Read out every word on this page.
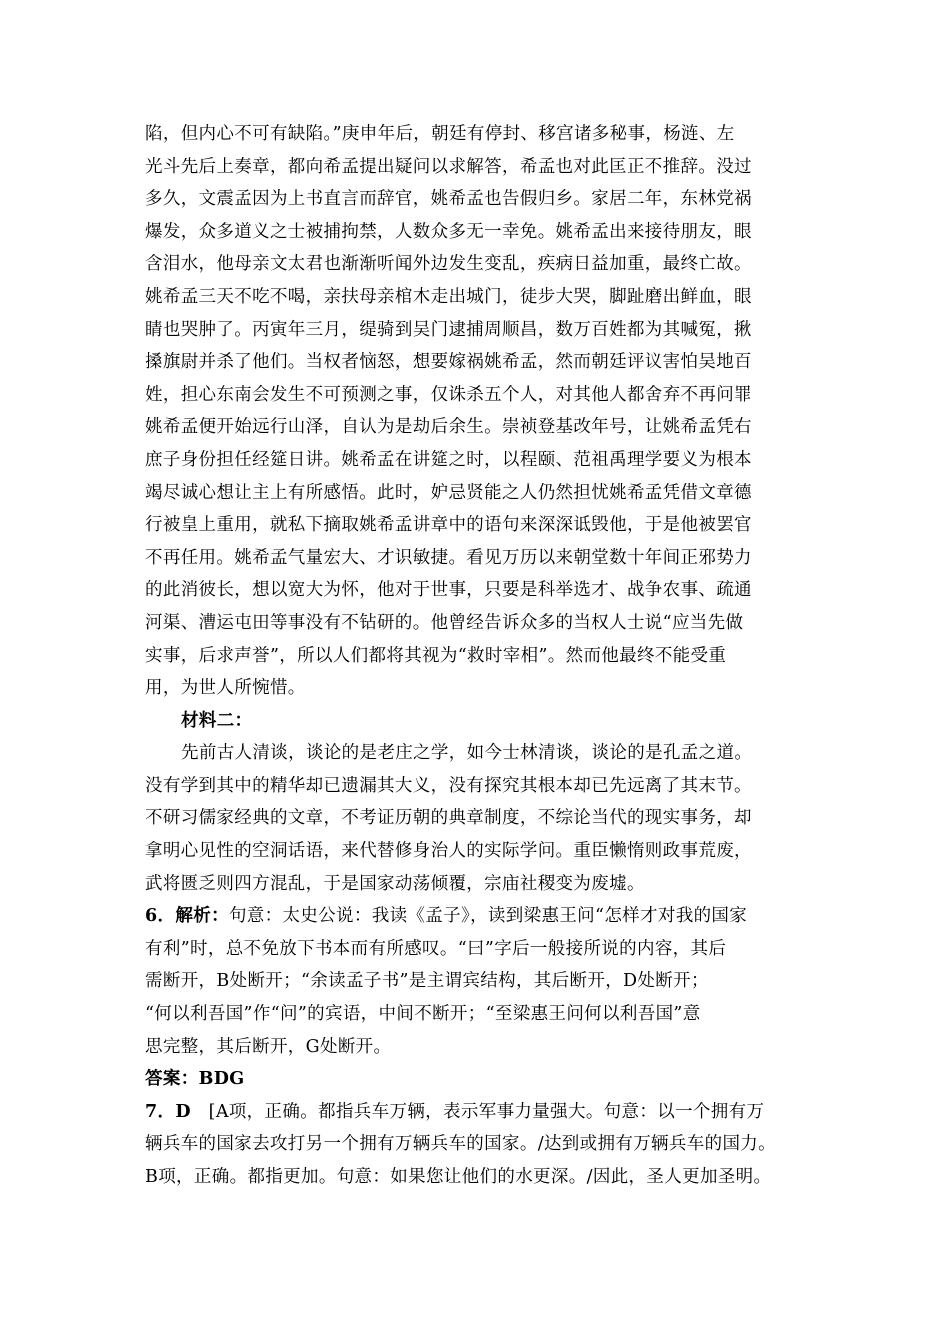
陷，但内心不可有缺陷。”庚申年后，朝廷有停封、移宫诸多秘事，杨涟、左
光斗先后上奏章，都向希孟提出疑问以求解答，希孟也对此匡正不推辞。没过
多久，文震孟因为上书直言而辞官，姚希孟也告假归乡。家居二年，东林党祸
爆发，众多道义之士被捕拘禁，人数众多无一幸免。姚希孟出来接待朋友，眼
含泪水，他母亲文太君也渐渐听闻外边发生变乱，疾病日益加重，最终亡故。
姚希孟三天不吃不喝，亲扶母亲棺木走出城门，徒步大哭，脚趾磨出鲜血，眼
睛也哭肿了。丙寅年三月，缇骑到吴门逮捕周顺昌，数万百姓都为其喊冤，揪
搡旗尉并杀了他们。当权者恼怒，想要嫁祸姚希孟，然而朝廷评议害怕吴地百
姓，担心东南会发生不可预测之事，仅诛杀五个人，对其他人都舍弃不再问罪
姚希孟便开始远行山泽，自认为是劫后余生。崇祯登基改年号，让姚希孟凭右
庶子身份担任经筵日讲。姚希孟在讲筵之时，以程颐、范祖禹理学要义为根本
竭尽诚心想让主上有所感悟。此时，妒忌贤能之人仍然担忧姚希孟凭借文章德
行被皇上重用，就私下摘取姚希孟讲章中的语句来深深诋毁他，于是他被罢官
不再任用。姚希孟气量宏大、才识敏捷。看见万历以来朝堂数十年间正邪势力
的此消彼长，想以宽大为怀，他对于世事，只要是科举选才、战争农事、疏通
河渠、漕运屯田等事没有不钻研的。他曾经告诉众多的当权人士说“应当先做
实事，后求声誉”，所以人们都将其视为“救时宰相”。然而他最终不能受重
用，为世人所惋惜。
材料二：
先前古人清谈，谈论的是老庄之学，如今士林清谈，谈论的是孔孟之道。
没有学到其中的精华却已遗漏其大义，没有探究其根本却已先远离了其末节。
不研习儒家经典的文章，不考证历朝的典章制度，不综论当代的现实事务，却
拿明心见性的空洞话语，来代替修身治人的实际学问。重臣懒惰则政事荒废，
武将匮乏则四方混乱，于是国家动荡倾覆，宗庙社稷变为废墟。
6．解析：句意：太史公说：我读《孟子》，读到梁惠王问“怎样才对我的国家
有利”时，总不免放下书本而有所感叹。“曰”字后一般接所说的内容，其后
需断开，B处断开；“余读孟子书”是主谓宾结构，其后断开，D处断开；
“何以利吾国”作“问”的宾语，中间不断开；“至梁惠王问何以利吾国”意
思完整，其后断开，G处断开。
答案：BDG
7．D [A项，正确。都指兵车万辆，表示军事力量强大。句意：以一个拥有万
辆兵车的国家去攻打另一个拥有万辆兵车的国家。/达到或拥有万辆兵车的国力。
B项，正确。都指更加。句意：如果您让他们的水更深。/因此，圣人更加圣明。
